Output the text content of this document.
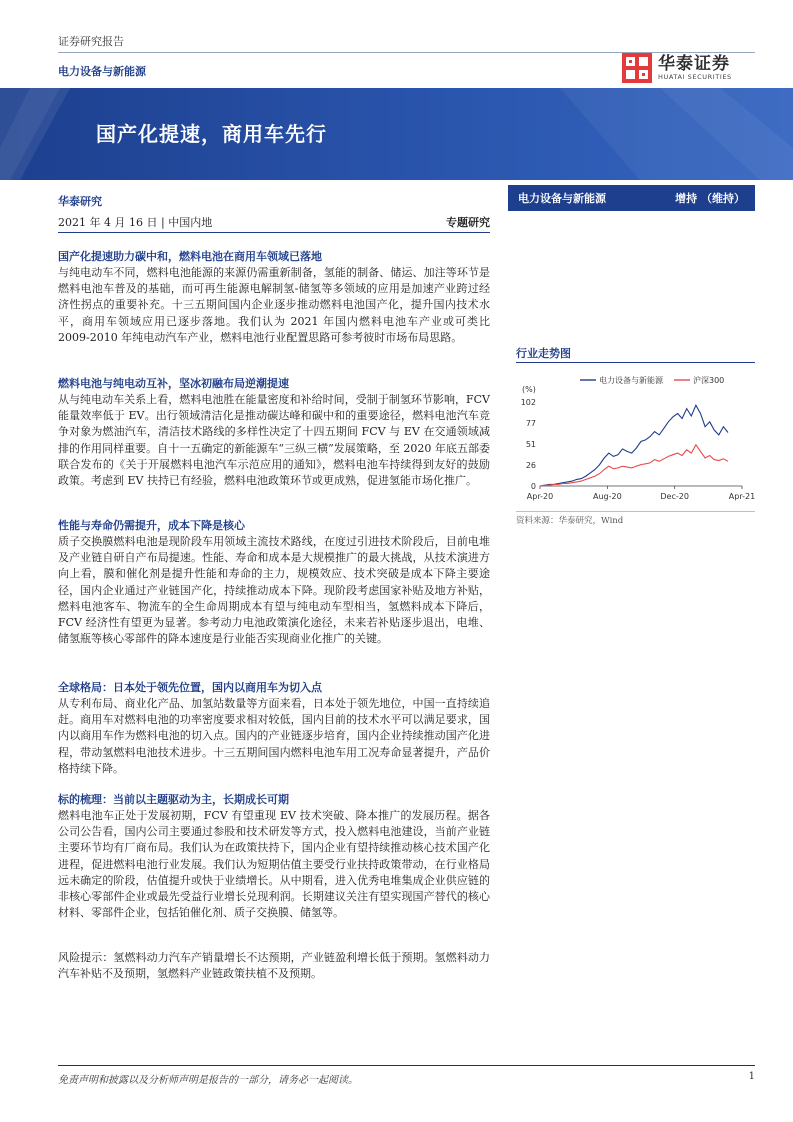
证券研究报告
电力设备与新能源	华泰证券
HUATAI SECURITIES
国产化提速，商用车先行
华泰研究
2021 年 4 月 16 日 | 中国内地	专题研究
电力设备与新能源	增持 （维持）
行业走势图
(%)
电力设备与新能源	沪深300
102
77
51
26
0
Apr-20	Aug-20	Dec-20	Apr-21
资料来源：华泰研究，Wind
国产化提速助力碳中和，燃料电池在商用车领域已落地
与纯电动车不同，燃料电池能源的来源仍需重新制备，氢能的制备、储运、加注等环节是燃料电池车普及的基础，而可再生能源电解制氢-储氢等多领域的应用是加速产业跨过经济性拐点的重要补充。十三五期间国内企业逐步推动燃料电池国产化，提升国内技术水平，商用车领域应用已逐步落地。我们认为 2021 年国内燃料电池车产业或可类比 2009-2010 年纯电动汽车产业，燃料电池行业配置思路可参考彼时市场布局思路。
燃料电池与纯电动互补，坚冰初融布局逆潮提速
从与纯电动车关系上看，燃料电池胜在能量密度和补给时间，受制于制氢环节影响，FCV 能量效率低于 EV。出行领域清洁化是推动碳达峰和碳中和的重要途径，燃料电池汽车竞争对象为燃油汽车，清洁技术路线的多样性决定了十四五期间 FCV 与 EV 在交通领域减排的作用同样重要。自十一五确定的新能源车“三纵三横”发展策略，至 2020 年底五部委联合发布的《关于开展燃料电池汽车示范应用的通知》，燃料电池车持续得到友好的鼓励政策。考虑到 EV 扶持已有经验，燃料电池政策环节或更成熟，促进氢能市场化推广。
性能与寿命仍需提升，成本下降是核心
质子交换膜燃料电池是现阶段车用领域主流技术路线，在度过引进技术阶段后，目前电堆及产业链自研自产布局提速。性能、寿命和成本是大规模推广的最大挑战，从技术演进方向上看，膜和催化剂是提升性能和寿命的主力，规模效应、技术突破是成本下降主要途径，国内企业通过产业链国产化，持续推动成本下降。现阶段考虑国家补贴及地方补贴，燃料电池客车、物流车的全生命周期成本有望与纯电动车型相当，氢燃料成本下降后，FCV 经济性有望更为显著。参考动力电池政策演化途径，未来若补贴逐步退出，电堆、储氢瓶等核心零部件的降本速度是行业能否实现商业化推广的关键。
全球格局：日本处于领先位置，国内以商用车为切入点
从专利布局、商业化产品、加氢站数量等方面来看，日本处于领先地位，中国一直持续追赶。商用车对燃料电池的功率密度要求相对较低，国内目前的技术水平可以满足要求，国内以商用车作为燃料电池的切入点。国内的产业链逐步培育，国内企业持续推动国产化进程，带动氢燃料电池技术进步。十三五期间国内燃料电池车用工况寿命显著提升，产品价格持续下降。
标的梳理：当前以主题驱动为主，长期成长可期
燃料电池车正处于发展初期，FCV 有望重现 EV 技术突破、降本推广的发展历程。据各公司公告看，国内公司主要通过参股和技术研发等方式，投入燃料电池建设，当前产业链主要环节均有厂商布局。我们认为在政策扶持下，国内企业有望持续推动核心技术国产化进程，促进燃料电池行业发展。我们认为短期估值主要受行业扶持政策带动，在行业格局远未确定的阶段，估值提升或快于业绩增长。从中期看，进入优秀电堆集成企业供应链的非核心零部件企业或最先受益行业增长兑现利润。长期建议关注有望实现国产替代的核心材料、零部件企业，包括铂催化剂、质子交换膜、储氢等。
风险提示：氢燃料动力汽车产销量增长不达预期，产业链盈利增长低于预期。氢燃料动力汽车补贴不及预期，氢燃料产业链政策扶植不及预期。
免责声明和披露以及分析师声明是报告的一部分，请务必一起阅读。	1
